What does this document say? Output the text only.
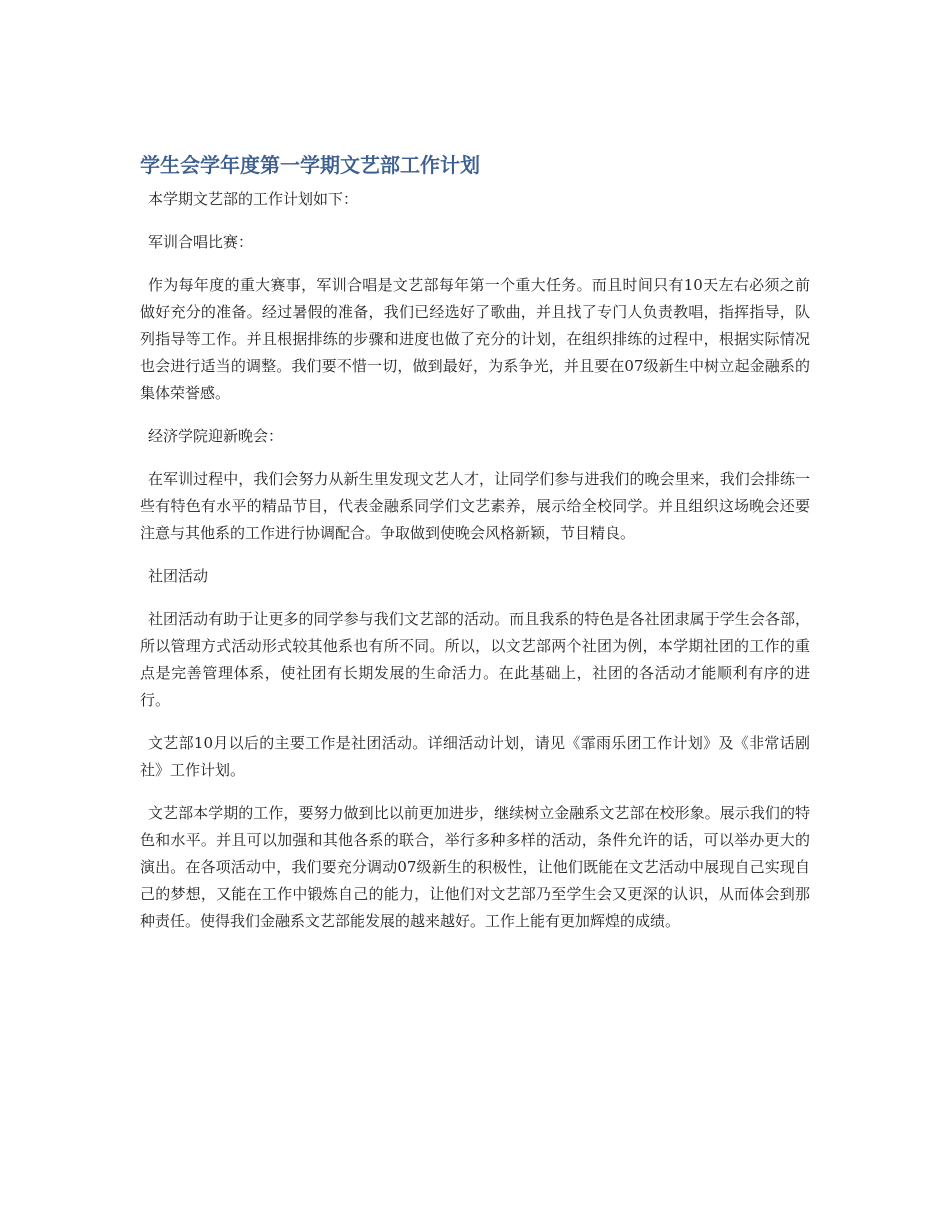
学生会学年度第一学期文艺部工作计划

本学期文艺部的工作计划如下：

军训合唱比赛：

作为每年度的重大赛事，军训合唱是文艺部每年第一个重大任务。而且时间只有10天左右必须之前做好充分的准备。经过暑假的准备，我们已经选好了歌曲，并且找了专门人负责教唱，指挥指导，队列指导等工作。并且根据排练的步骤和进度也做了充分的计划，在组织排练的过程中，根据实际情况也会进行适当的调整。我们要不惜一切，做到最好，为系争光，并且要在07级新生中树立起金融系的集体荣誉感。

经济学院迎新晚会：

在军训过程中，我们会努力从新生里发现文艺人才，让同学们参与进我们的晚会里来，我们会排练一些有特色有水平的精品节目，代表金融系同学们文艺素养，展示给全校同学。并且组织这场晚会还要注意与其他系的工作进行协调配合。争取做到使晚会风格新颖，节目精良。

社团活动

社团活动有助于让更多的同学参与我们文艺部的活动。而且我系的特色是各社团隶属于学生会各部，所以管理方式活动形式较其他系也有所不同。所以，以文艺部两个社团为例，本学期社团的工作的重点是完善管理体系，使社团有长期发展的生命活力。在此基础上，社团的各活动才能顺利有序的进行。

文艺部10月以后的主要工作是社团活动。详细活动计划，请见《霏雨乐团工作计划》及《非常话剧社》工作计划。

文艺部本学期的工作，要努力做到比以前更加进步，继续树立金融系文艺部在校形象。展示我们的特色和水平。并且可以加强和其他各系的联合，举行多种多样的活动，条件允许的话，可以举办更大的演出。在各项活动中，我们要充分调动07级新生的积极性，让他们既能在文艺活动中展现自己实现自己的梦想，又能在工作中锻炼自己的能力，让他们对文艺部乃至学生会又更深的认识，从而体会到那种责任。使得我们金融系文艺部能发展的越来越好。工作上能有更加辉煌的成绩。
